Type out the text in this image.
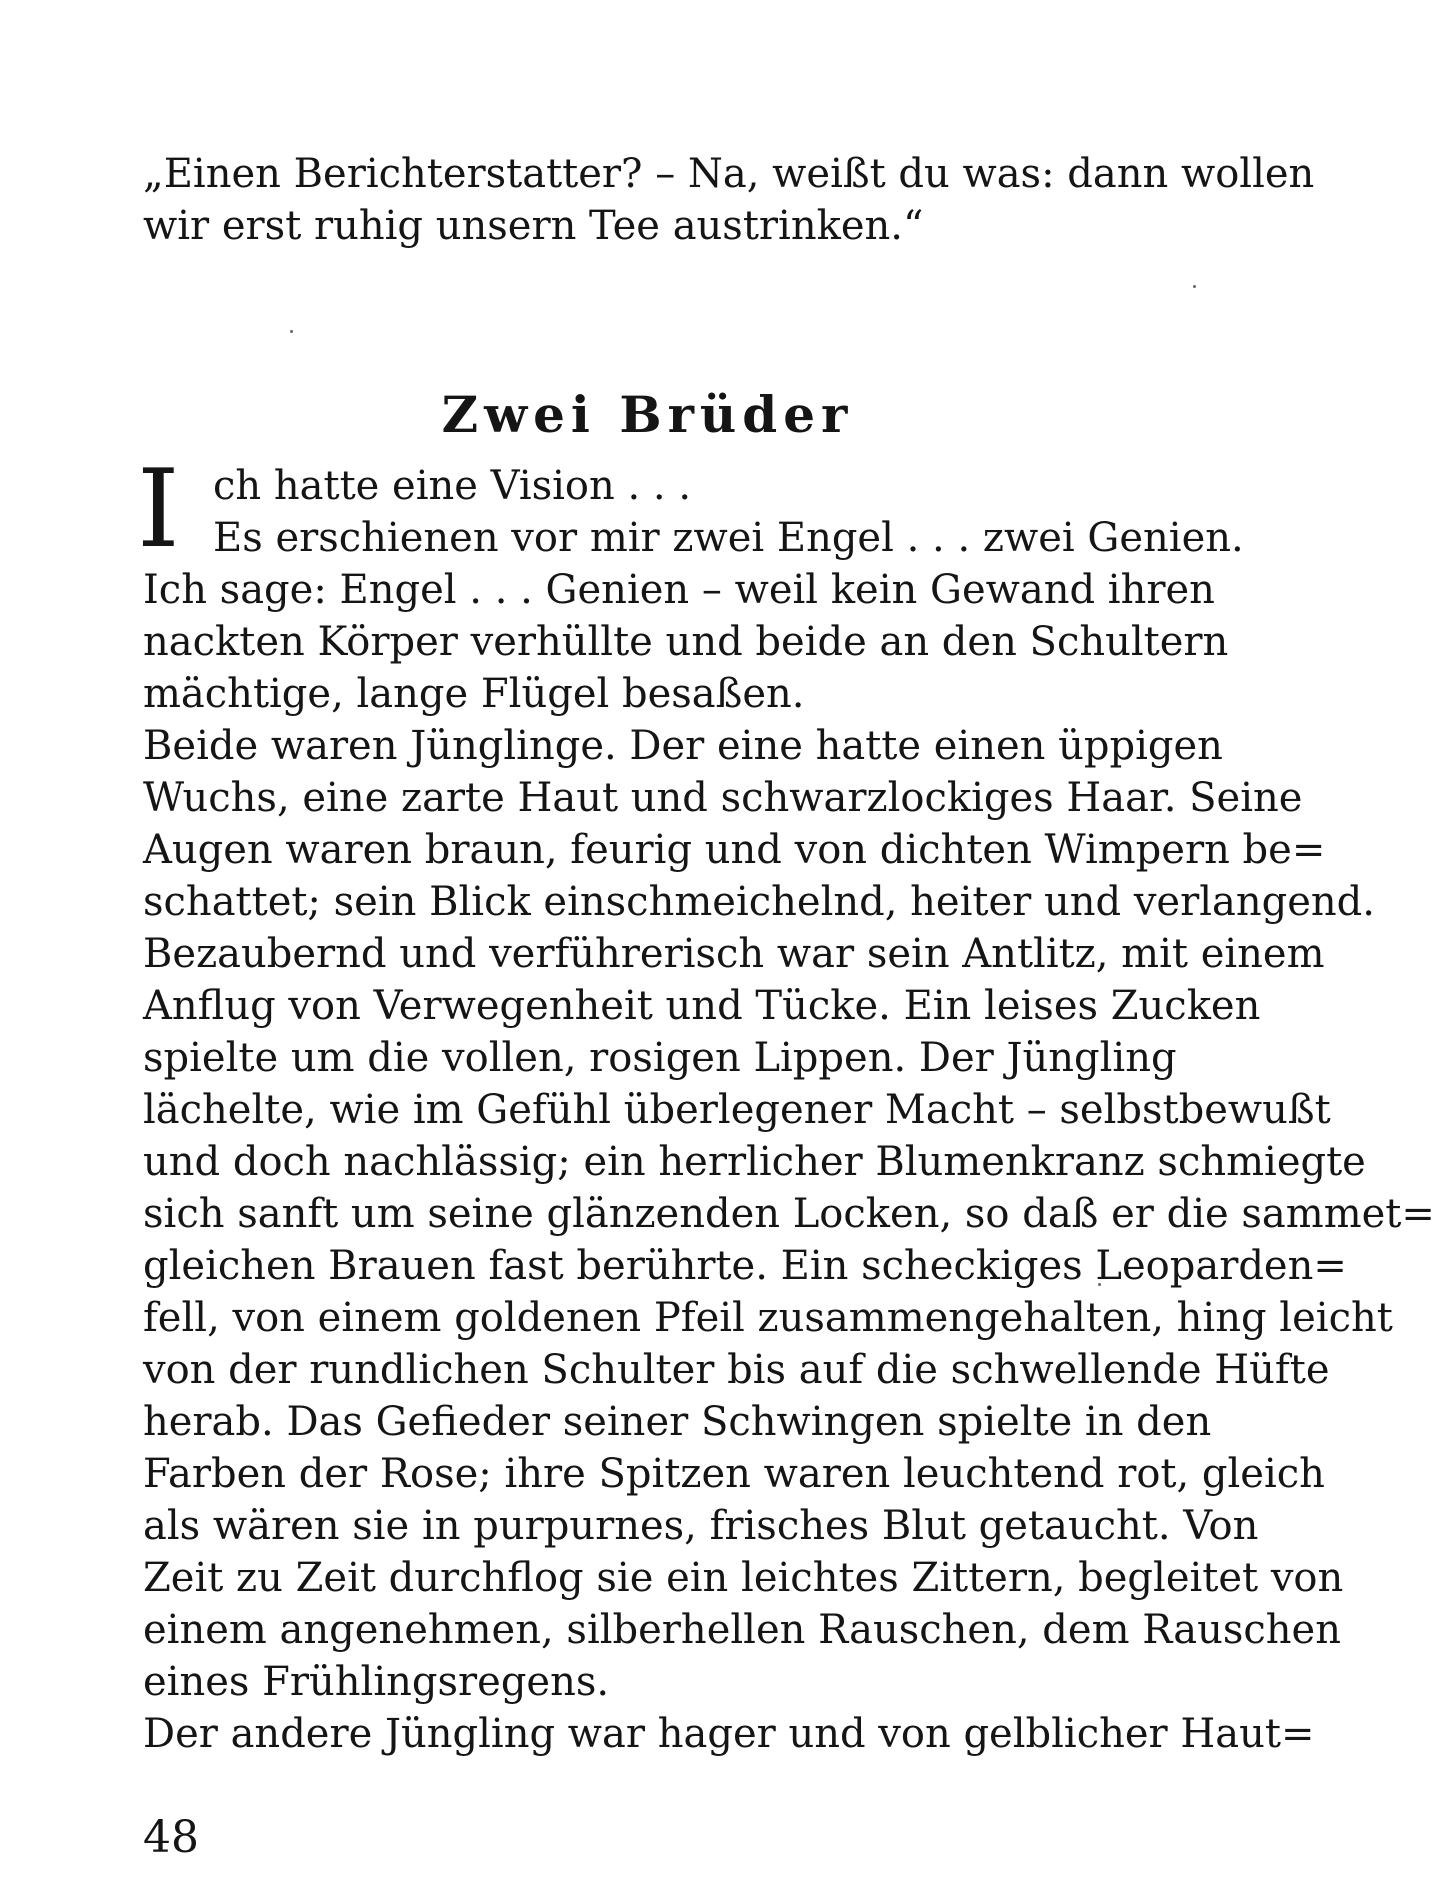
„Einen Berichterstatter? – Na, weißt du was: dann wollen
wir erst ruhig unsern Tee austrinken.“
Zwei Brüder
I ch hatte eine Vision . . .
Es erschienen vor mir zwei Engel . . . zwei Genien.
Ich sage: Engel . . . Genien – weil kein Gewand ihren
nackten Körper verhüllte und beide an den Schultern
mächtige, lange Flügel besaßen.
Beide waren Jünglinge. Der eine hatte einen üppigen
Wuchs, eine zarte Haut und schwarzlockiges Haar. Seine
Augen waren braun, feurig und von dichten Wimpern be=
schattet; sein Blick einschmeichelnd, heiter und verlangend.
Bezaubernd und verführerisch war sein Antlitz, mit einem
Anflug von Verwegenheit und Tücke. Ein leises Zucken
spielte um die vollen, rosigen Lippen. Der Jüngling
lächelte, wie im Gefühl überlegener Macht – selbstbewußt
und doch nachlässig; ein herrlicher Blumenkranz schmiegte
sich sanft um seine glänzenden Locken, so daß er die sammet=
gleichen Brauen fast berührte. Ein scheckiges Leoparden=
fell, von einem goldenen Pfeil zusammengehalten, hing leicht
von der rundlichen Schulter bis auf die schwellende Hüfte
herab. Das Gefieder seiner Schwingen spielte in den
Farben der Rose; ihre Spitzen waren leuchtend rot, gleich
als wären sie in purpurnes, frisches Blut getaucht. Von
Zeit zu Zeit durchflog sie ein leichtes Zittern, begleitet von
einem angenehmen, silberhellen Rauschen, dem Rauschen
eines Frühlingsregens.
Der andere Jüngling war hager und von gelblicher Haut=
48
